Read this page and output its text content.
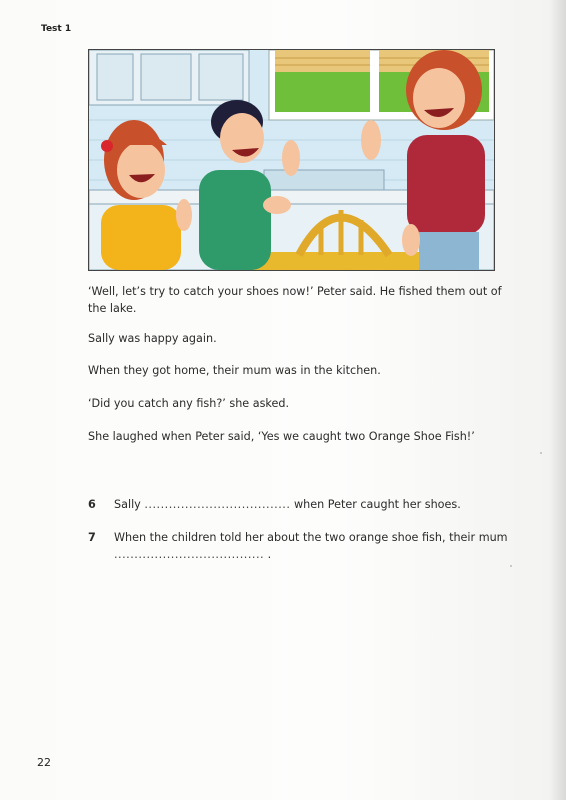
Test 1

‘Well, let’s try to catch your shoes now!’ Peter said. He fished them out of

the lake.

Sally was happy again.

When they got home, their mum was in the kitchen.

‘Did you catch any fish?’ she asked.

She laughed when Peter said, ‘Yes we caught two Orange Shoe Fish!’

6 Sally .................................... when Peter caught her shoes.
7 When the children told her about the two orange shoe fish, their mum
..................................... .
22
